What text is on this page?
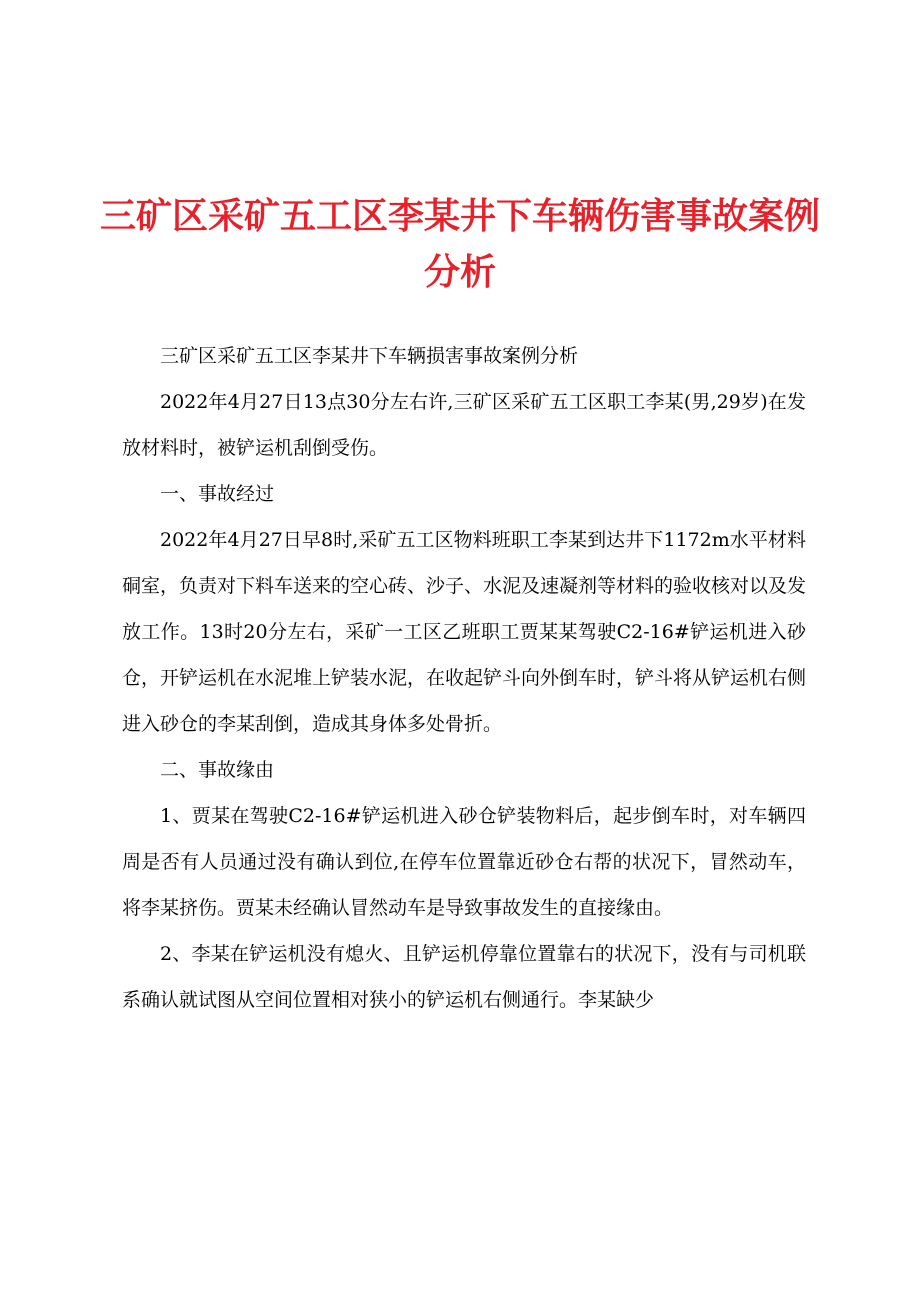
三矿区采矿五工区李某井下车辆伤害事故案例分析

三矿区采矿五工区李某井下车辆损害事故案例分析

2022年4月27日13点30分左右许,三矿区采矿五工区职工李某(男,29岁)在发放材料时，被铲运机刮倒受伤。

一、事故经过

2022年4月27日早8时,采矿五工区物料班职工李某到达井下1172m水平材料硐室，负责对下料车送来的空心砖、沙子、水泥及速凝剂等材料的验收核对以及发放工作。13时20分左右，采矿一工区乙班职工贾某某驾驶C2-16#铲运机进入砂仓，开铲运机在水泥堆上铲装水泥，在收起铲斗向外倒车时，铲斗将从铲运机右侧进入砂仓的李某刮倒，造成其身体多处骨折。

二、事故缘由

1、贾某在驾驶C2-16#铲运机进入砂仓铲装物料后，起步倒车时，对车辆四周是否有人员通过没有确认到位,在停车位置靠近砂仓右帮的状况下，冒然动车，将李某挤伤。贾某未经确认冒然动车是导致事故发生的直接缘由。

2、李某在铲运机没有熄火、且铲运机停靠位置靠右的状况下，没有与司机联系确认就试图从空间位置相对狭小的铲运机右侧通行。李某缺少
